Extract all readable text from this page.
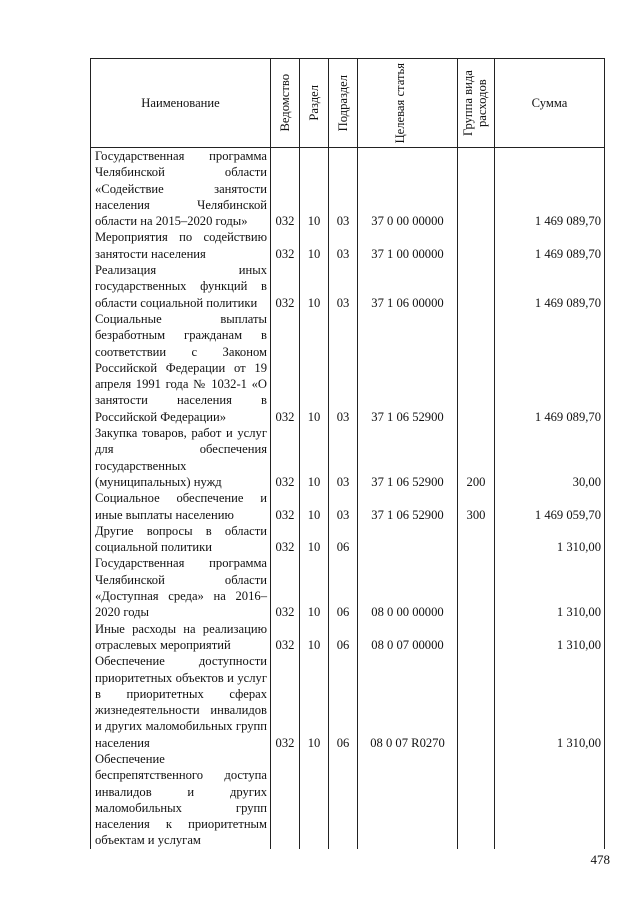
Наименование	Ведомство	Раздел	Подраздел	Целевая статья	Группа вида расходов	Сумма
Государственная программа Челябинской области «Содействие занятости населения Челябинской области на 2015–2020 годы»	032	10	03	37 0 00 00000		1 469 089,70
Мероприятия по содействию занятости населения	032	10	03	37 1 00 00000		1 469 089,70
Реализация иных государственных функций в области социальной политики	032	10	03	37 1 06 00000		1 469 089,70
Социальные выплаты безработным гражданам в соответствии с Законом Российской Федерации от 19 апреля 1991 года № 1032-1 «О занятости населения в Российской Федерации»	032	10	03	37 1 06 52900		1 469 089,70
Закупка товаров, работ и услуг для обеспечения государственных (муниципальных) нужд	032	10	03	37 1 06 52900	200	30,00
Социальное обеспечение и иные выплаты населению	032	10	03	37 1 06 52900	300	1 469 059,70
Другие вопросы в области социальной политики	032	10	06			1 310,00
Государственная программа Челябинской области «Доступная среда» на 2016–2020 годы	032	10	06	08 0 00 00000		1 310,00
Иные расходы на реализацию отраслевых мероприятий	032	10	06	08 0 07 00000		1 310,00
Обеспечение доступности приоритетных объектов и услуг в приоритетных сферах жизнедеятельности инвалидов и других маломобильных групп населения	032	10	06	08 0 07 R0270		1 310,00
Обеспечение беспрепятственного доступа инвалидов и других маломобильных групп населения к приоритетным объектам и услугам						
478
